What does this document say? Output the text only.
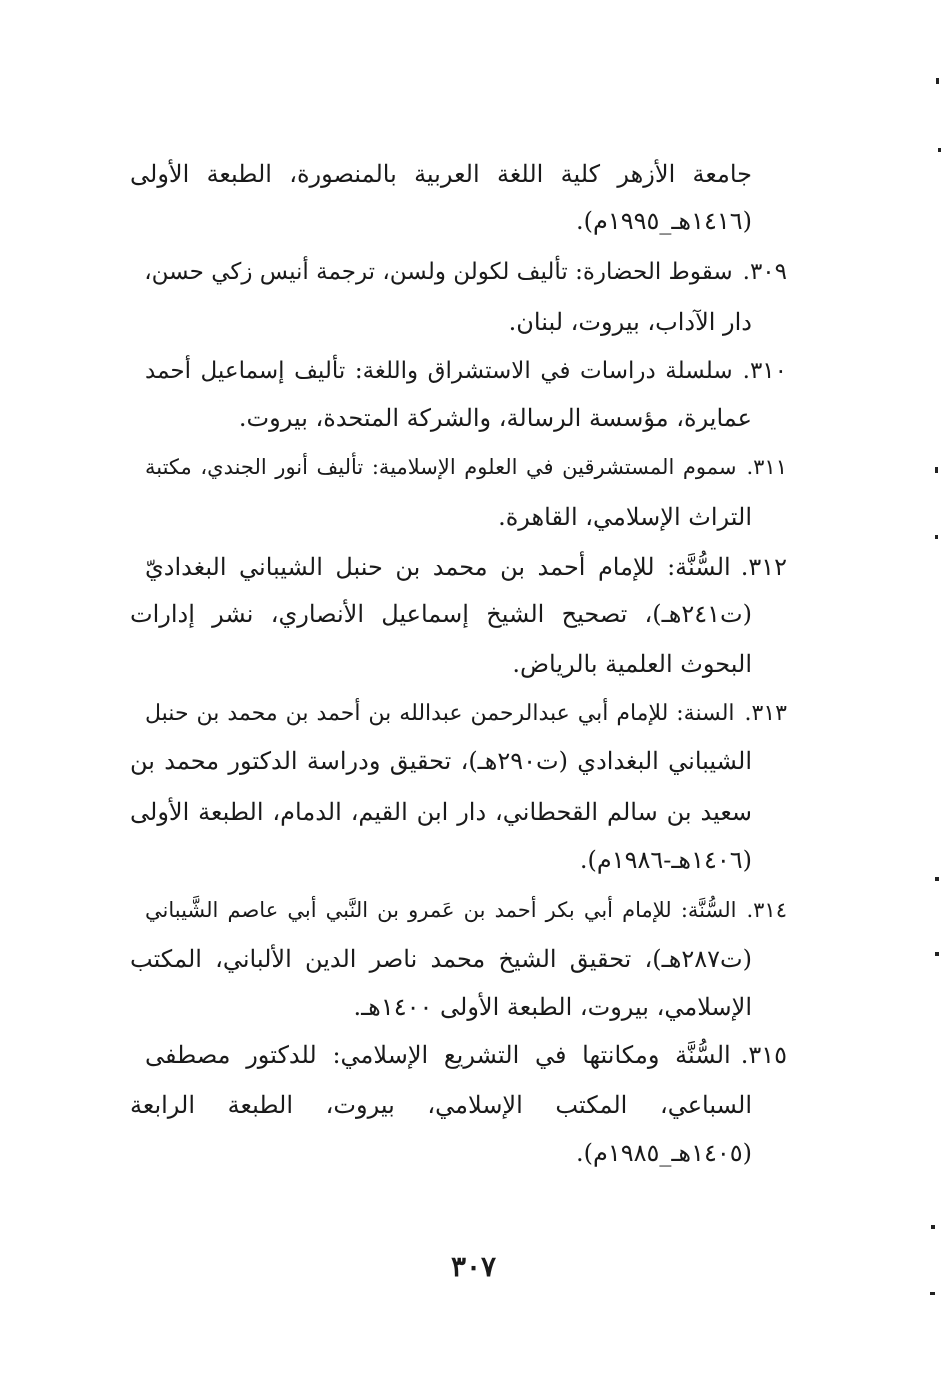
جامعة الأزهر كلية اللغة العربية بالمنصورة، الطبعة الأولى
(١٤١٦هـ_١٩٩٥م).
٣٠٩.سقوط الحضارة: تأليف لكولن ولسن، ترجمة أنيس زكي حسن،
دار الآداب، بيروت، لبنان.
٣١٠.سلسلة دراسات في الاستشراق واللغة: تأليف إسماعيل أحمد
عمايرة، مؤسسة الرسالة، والشركة المتحدة، بيروت.
٣١١.سموم المستشرقين في العلوم الإسلامية: تأليف أنور الجندي، مكتبة
التراث الإسلامي، القاهرة.
٣١٢.السُّنَّة: للإمام أحمد بن محمد بن حنبل الشيباني البغداديّ
(ت٢٤١هـ)، تصحيح الشيخ إسماعيل الأنصاري، نشر إدارات
البحوث العلمية بالرياض.
٣١٣.السنة: للإمام أبي عبدالرحمن عبدالله بن أحمد بن محمد بن حنبل
الشيباني البغدادي (ت٢٩٠هـ)، تحقيق ودراسة الدكتور محمد بن
سعيد بن سالم القحطاني، دار ابن القيم، الدمام، الطبعة الأولى
(١٤٠٦هـ-١٩٨٦م).
٣١٤.السُّنَّة: للإمام أبي بكر أحمد بن عَمرو بن النَّبي أبي عاصم الشَّيباني
(ت٢٨٧هـ)، تحقيق الشيخ محمد ناصر الدين الألباني، المكتب
الإسلامي، بيروت، الطبعة الأولى ١٤٠٠هـ.
٣١٥.السُّنَّة ومكانتها في التشريع الإسلامي: للدكتور مصطفى
السباعي، المكتب الإسلامي، بيروت، الطبعة الرابعة
(١٤٠٥هـ_١٩٨٥م).
٣٠٧
